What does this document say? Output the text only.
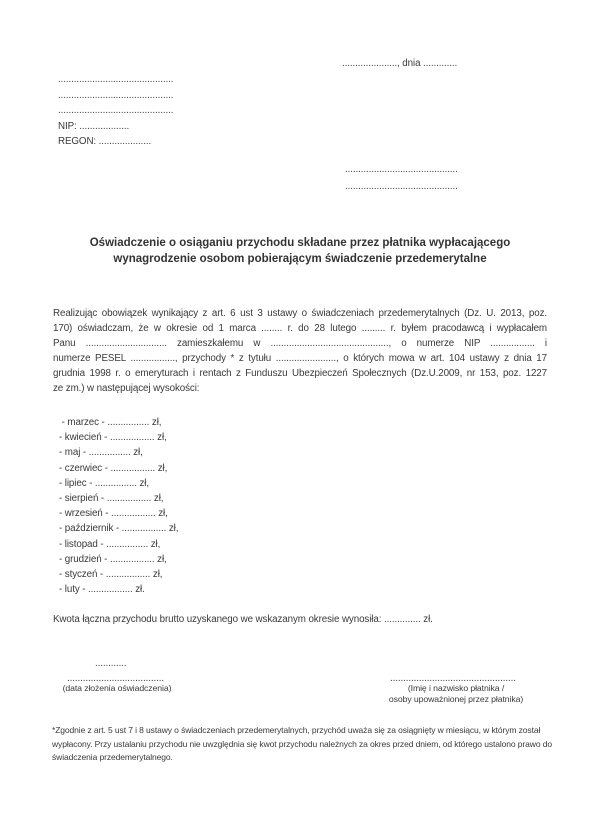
....................., dnia .............
............................................
............................................
............................................
NIP: ...................
REGON: ....................
...........................................
...........................................
Oświadczenie o osiąganiu przychodu składane przez płatnika wypłacającego
wynagrodzenie osobom pobierającym świadczenie przedemerytalne
Realizując obowiązek wynikający z art. 6 ust 3 ustawy o świadczeniach przedemerytalnych (Dz. U. 2013, poz.
170) oświadczam, że w okresie od 1 marca ........ r. do 28 lutego ......... r. byłem pracodawcą i wypłacałem
Panu ............................... zamieszkałemu w ............................................., o numerze NIP ................. i
numerze PESEL ................., przychody * z tytułu ......................., o których mowa w art. 104 ustawy z dnia 17
grudnia 1998 r. o emeryturach i rentach z Funduszu Ubezpieczeń Społecznych (Dz.U.2009, nr 153, poz. 1227
ze zm.) w następującej wysokości:
- marzec - ................ zł,
- kwiecień - ................. zł,
- maj - ................ zł,
- czerwiec - ................. zł,
- lipiec - ................ zł,
- sierpień - ................. zł,
- wrzesień - ................. zł,
- październik - ................. zł,
- listopad - ................ zł,
- grudzień - ................. zł,
- styczeń - ................. zł,
- luty - ................. zł.
Kwota łączna przychodu brutto uzyskanego we wskazanym okresie wynosiła: .............. zł.
............
.....................................
(data złożenia oświadczenia)
................................................
(Imię i nazwisko płatnika /
osoby upoważnionej przez płatnika)
*Zgodnie z art. 5 ust 7 i 8 ustawy o świadczeniach przedemerytalnych, przychód uważa się za osiągnięty w miesiącu, w którym został
wypłacony. Przy ustalaniu przychodu nie uwzględnia się kwot przychodu należnych za okres przed dniem, od którego ustalono prawo do
świadczenia przedemerytalnego.
